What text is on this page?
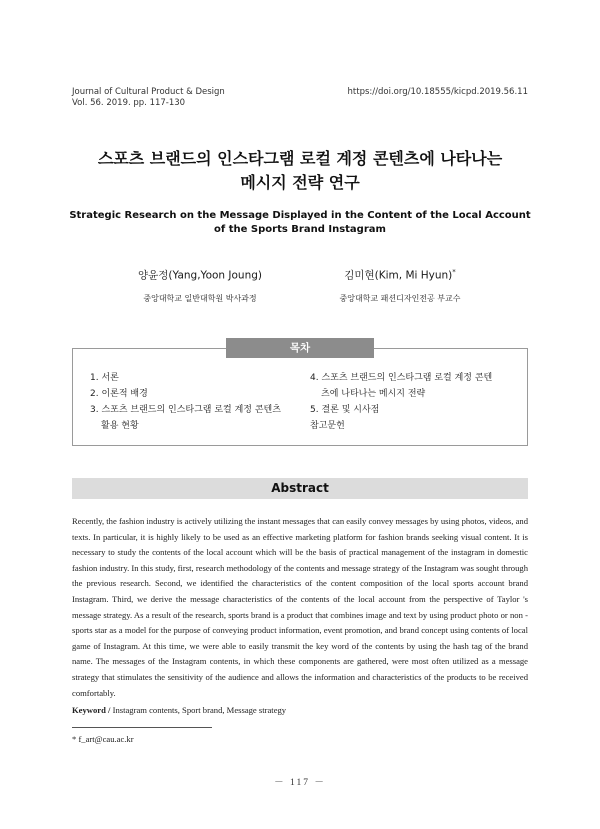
Journal of Cultural Product & Design
Vol. 56. 2019. pp. 117-130
https://doi.org/10.18555/kicpd.2019.56.11
스포츠 브랜드의 인스타그램 로컬 계정 콘텐츠에 나타나는
메시지 전략 연구
Strategic Research on the Message Displayed in the Content of the Local Account
of the Sports Brand Instagram
양윤정(Yang,Yoon Joung)
중앙대학교 일반대학원 박사과정
김미현(Kim, Mi Hyun)*
중앙대학교 패션디자인전공 부교수
목차
1. 서론
2. 이론적 배경
3. 스포츠 브랜드의 인스타그램 로컬 계정 콘텐츠
활용 현황
4. 스포츠 브랜드의 인스타그램 로컬 계정 콘텐
츠에 나타나는 메시지 전략
5. 결론 및 시사점
참고문헌
Abstract
Recently, the fashion industry is actively utilizing the instant messages that can easily convey messages by using photos, videos, and texts. In particular, it is highly likely to be used as an effective marketing platform for fashion brands seeking visual content. It is necessary to study the contents of the local account which will be the basis of practical management of the instagram in domestic fashion industry. In this study, first, research methodology of the contents and message strategy of the Instagram was sought through the previous research. Second, we identified the characteristics of the content composition of the local sports account brand Instagram. Third, we derive the message characteristics of the contents of the local account from the perspective of Taylor 's message strategy. As a result of the research, sports brand is a product that combines image and text by using product photo or non - sports star as a model for the purpose of conveying product information, event promotion, and brand concept using contents of local game of Instagram. At this time, we were able to easily transmit the key word of the contents by using the hash tag of the brand name. The messages of the Instagram contents, in which these components are gathered, were most often utilized as a message strategy that stimulates the sensitivity of the audience and allows the information and characteristics of the products to be received comfortably.
Keyword / Instagram contents, Sport brand, Message strategy
* f_art@cau.ac.kr
－ 117 －
